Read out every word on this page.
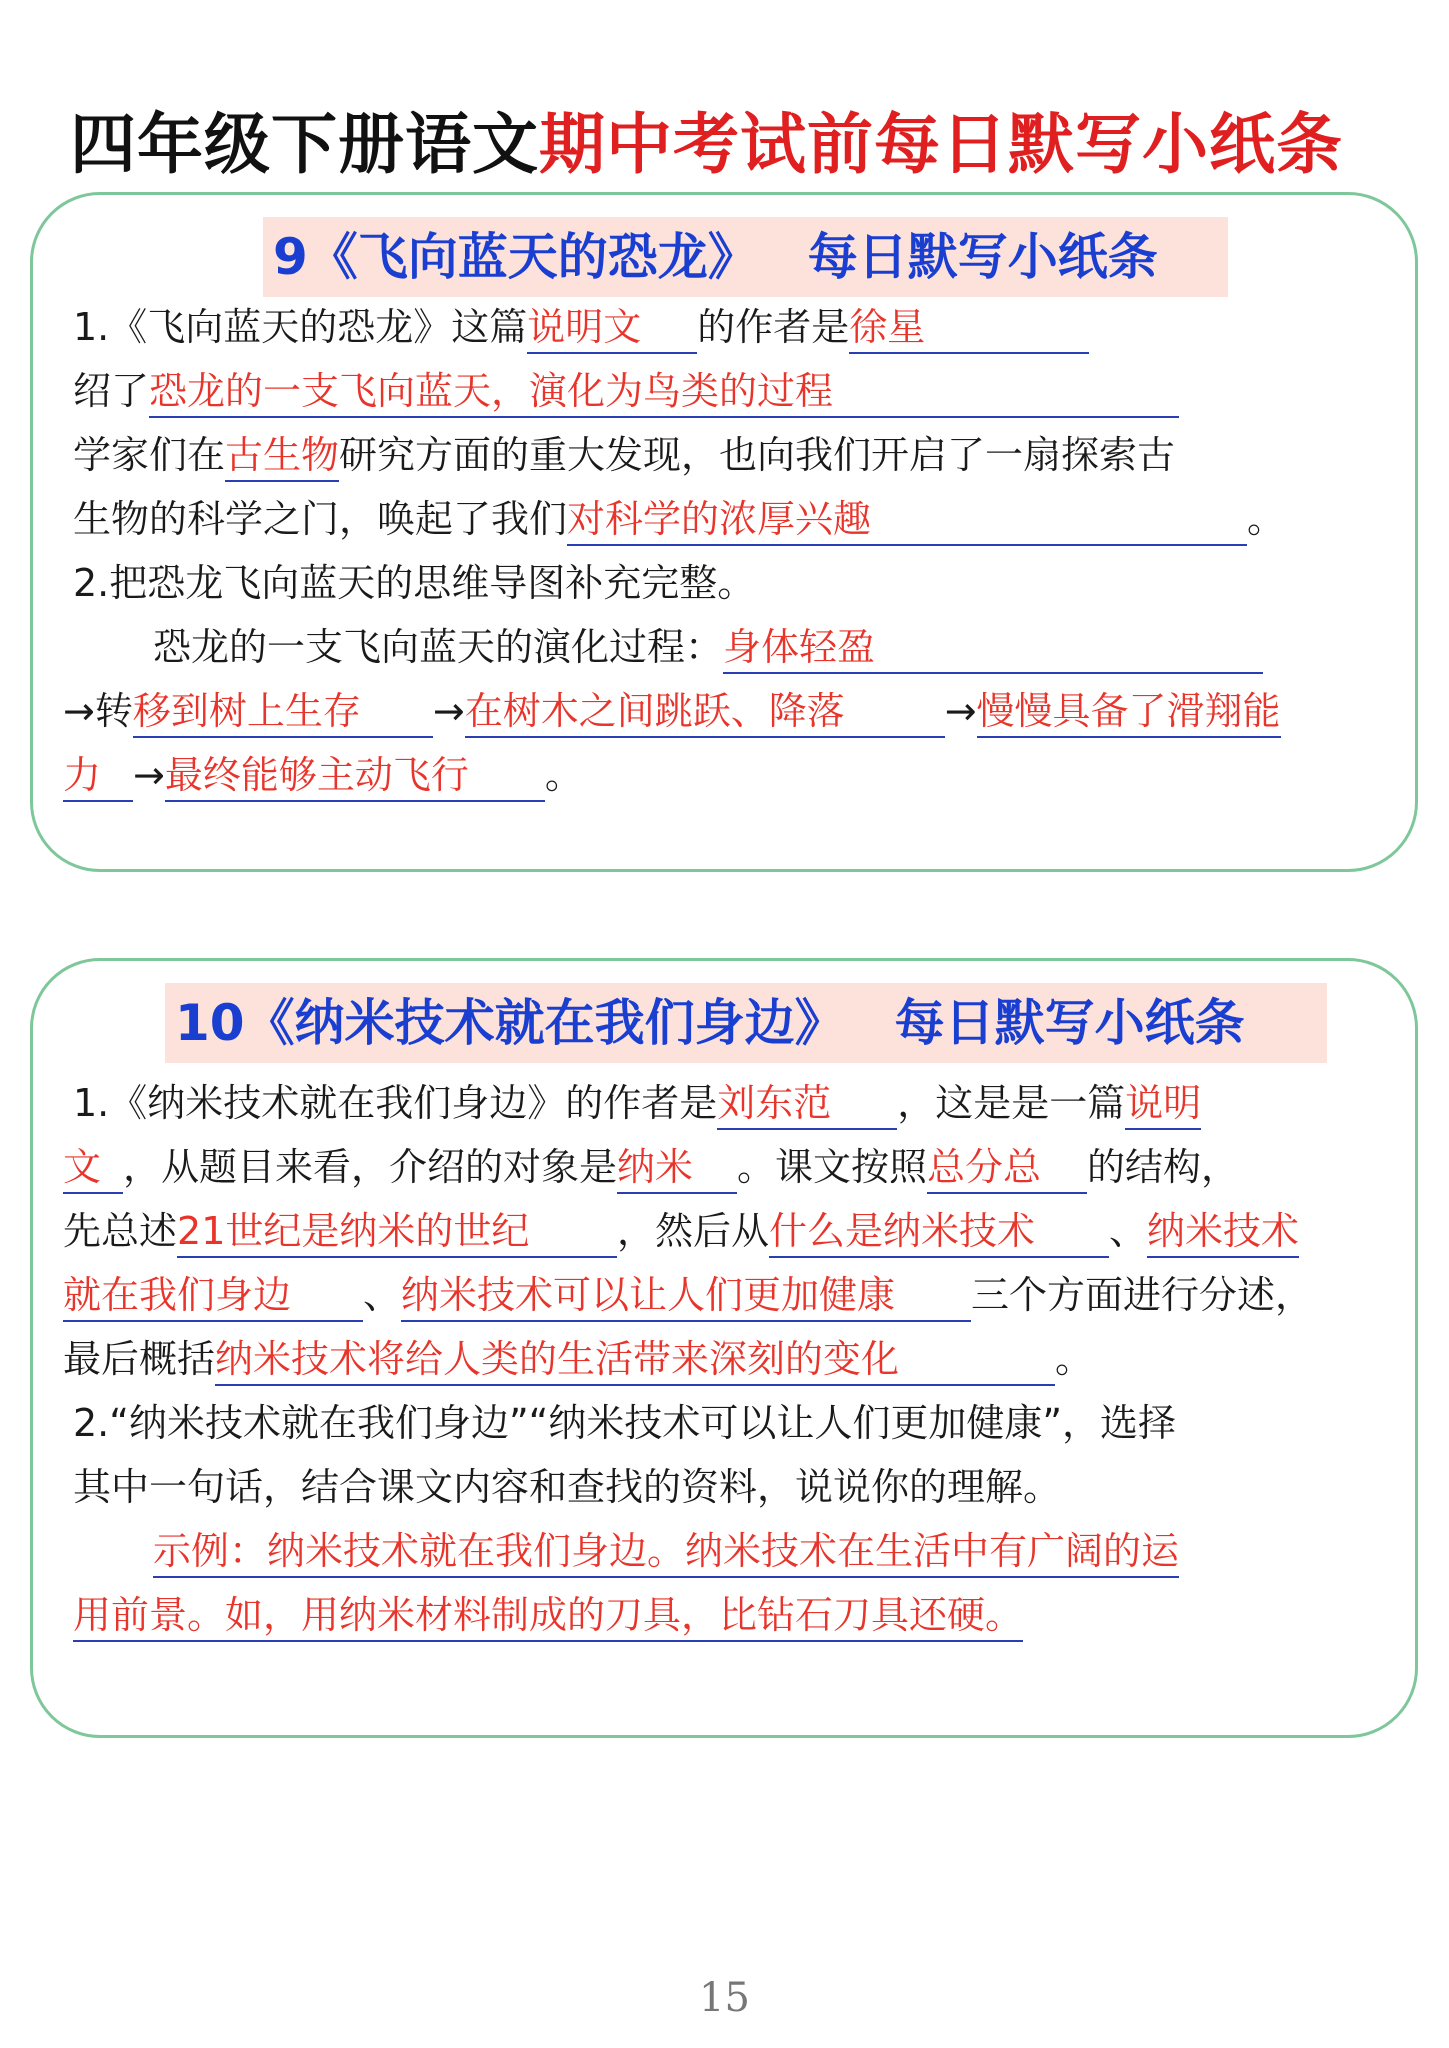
四年级下册语文期中考试前每日默写小纸条
9《飞向蓝天的恐龙》 每日默写小纸条
1.《飞向蓝天的恐龙》这篇说明文 的作者是徐星
绍了恐龙的一支飞向蓝天，演化为鸟类的过程
学家们在古生物研究方面的重大发现，也向我们开启了一扇探索古
生物的科学之门，唤起了我们对科学的浓厚兴趣	。
2.把恐龙飞向蓝天的思维导图补充完整。
恐龙的一支飞向蓝天的演化过程：身体轻盈
→转移到树上生存 →在树木之间跳跃、降落	→慢慢具备了滑翔能
力 →最终能够主动飞行 。
10《纳米技术就在我们身边》 每日默写小纸条
1.《纳米技术就在我们身边》的作者是刘东范 ，这是是一篇说明
文 ，从题目来看，介绍的对象是纳米 。课文按照总分总 的结构，
先总述21世纪是纳米的世纪 ，然后从什么是纳米技术 、纳米技术
就在我们身边 、纳米技术可以让人们更加健康 三个方面进行分述，
最后概括纳米技术将给人类的生活带来深刻的变化	。
2.“纳米技术就在我们身边”“纳米技术可以让人们更加健康”，选择
其中一句话，结合课文内容和查找的资料，说说你的理解。
示例：纳米技术就在我们身边。纳米技术在生活中有广阔的运
用前景。如，用纳米材料制成的刀具，比钻石刀具还硬。
15
